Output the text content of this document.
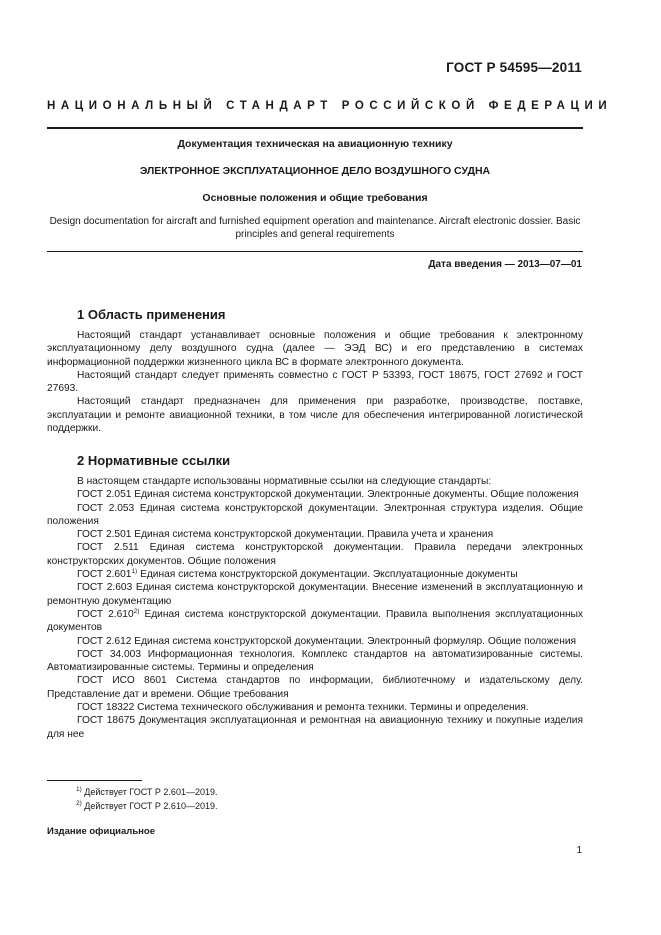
ГОСТ Р 54595—2011
НАЦИОНАЛЬНЫЙ СТАНДАРТ РОССИЙСКОЙ ФЕДЕРАЦИИ
Документация техническая на авиационную технику
ЭЛЕКТРОННОЕ ЭКСПЛУАТАЦИОННОЕ ДЕЛО ВОЗДУШНОГО СУДНА
Основные положения и общие требования
Design documentation for aircraft and furnished equipment operation and maintenance. Aircraft electronic dossier. Basic principles and general requirements
Дата введения — 2013—07—01
1 Область применения

Настоящий стандарт устанавливает основные положения и общие требования к электронному эксплуатационному делу воздушного судна (далее — ЭЭД ВС) и его представлению в системах информационной поддержки жизненного цикла ВС в формате электронного документа.

Настоящий стандарт следует применять совместно с ГОСТ Р 53393, ГОСТ 18675, ГОСТ 27692 и ГОСТ 27693.

Настоящий стандарт предназначен для применения при разработке, производстве, поставке, эксплуатации и ремонте авиационной техники, в том числе для обеспечения интегрированной логистической поддержки.

2 Нормативные ссылки

В настоящем стандарте использованы нормативные ссылки на следующие стандарты:

ГОСТ 2.051 Единая система конструкторской документации. Электронные документы. Общие положения

ГОСТ 2.053 Единая система конструкторской документации. Электронная структура изделия. Общие положения

ГОСТ 2.501 Единая система конструкторской документации. Правила учета и хранения

ГОСТ 2.511 Единая система конструкторской документации. Правила передачи электронных конструкторских документов. Общие положения

ГОСТ 2.601$^{1)}$ Единая система конструкторской документации. Эксплуатационные документы

ГОСТ 2.603 Единая система конструкторской документации. Внесение изменений в эксплуатационную и ремонтную документацию

ГОСТ 2.610$^{2)}$ Единая система конструкторской документации. Правила выполнения эксплуатационных документов

ГОСТ 2.612 Единая система конструкторской документации. Электронный формуляр. Общие положения

ГОСТ 34.003 Информационная технология. Комплекс стандартов на автоматизированные системы. Автоматизированные системы. Термины и определения

ГОСТ ИСО 8601 Система стандартов по информации, библиотечному и издательскому делу. Представление дат и времени. Общие требования

ГОСТ 18322 Система технического обслуживания и ремонта техники. Термины и определения.

ГОСТ 18675 Документация эксплуатационная и ремонтная на авиационную технику и покупные изделия для нее

$^{1)}$ Действует ГОСТ Р 2.601—2019.
$^{2)}$ Действует ГОСТ Р 2.610—2019.
Издание официальное
1
